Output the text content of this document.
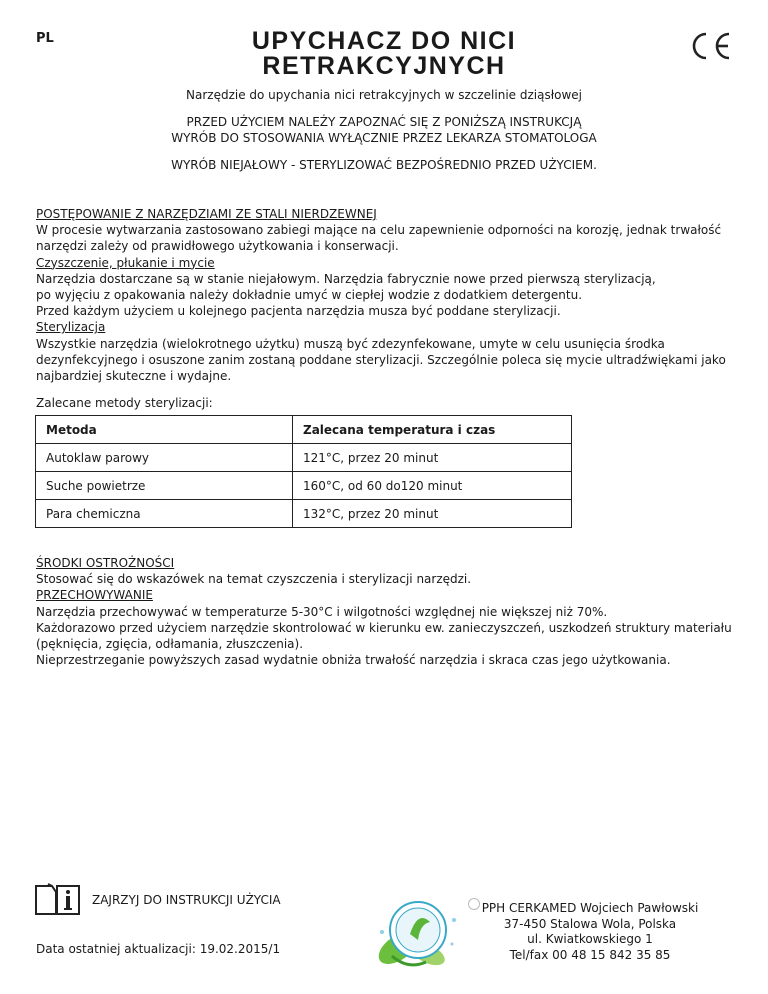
PL	UPYCHACZ DO NICI
RETRAKCYJNYCH
Narzędzie do upychania nici retrakcyjnych w szczelinie dziąsłowej
PRZED UŻYCIEM NALEŻY ZAPOZNAĆ SIĘ Z PONIŻSZĄ INSTRUKCJĄ
WYRÓB DO STOSOWANIA WYŁĄCZNIE PRZEZ LEKARZA STOMATOLOGA
WYRÓB NIEJAŁOWY - STERYLIZOWAĆ BEZPOŚREDNIO PRZED UŻYCIEM.
POSTĘPOWANIE Z NARZĘDZIAMI ZE STALI NIERDZEWNEJ
W procesie wytwarzania zastosowano zabiegi mające na celu zapewnienie odporności na korozję, jednak trwałość
narzędzi zależy od prawidłowego użytkowania i konserwacji.
Czyszczenie, płukanie i mycie
Narzędzia dostarczane są w stanie niejałowym. Narzędzia fabrycznie nowe przed pierwszą sterylizacją,
po wyjęciu z opakowania należy dokładnie umyć w ciepłej wodzie z dodatkiem detergentu.
Przed każdym użyciem u kolejnego pacjenta narzędzia musza być poddane sterylizacji.
Sterylizacja
Wszystkie narzędzia (wielokrotnego użytku) muszą być zdezynfekowane, umyte w celu usunięcia środka
dezynfekcyjnego i osuszone zanim zostaną poddane sterylizacji. Szczególnie poleca się mycie ultradźwiękami jako
najbardziej skuteczne i wydajne.
Zalecane metody sterylizacji:
Metoda	Zalecana temperatura i czas
Autoklaw parowy	121°C, przez 20 minut
Suche powietrze	160°C, od 60 do120 minut
Para chemiczna	132°C, przez 20 minut
ŚRODKI OSTROŻNOŚCI
Stosować się do wskazówek na temat czyszczenia i sterylizacji narzędzi.
PRZECHOWYWANIE
Narzędzia przechowywać w temperaturze 5-30°C i wilgotności względnej nie większej niż 70%.
Każdorazowo przed użyciem narzędzie skontrolować w kierunku ew. zanieczyszczeń, uszkodzeń struktury materiału
(pęknięcia, zgięcia, odłamania, złuszczenia).
Nieprzestrzeganie powyższych zasad wydatnie obniża trwałość narzędzia i skraca czas jego użytkowania.
ZAJRZYJ DO INSTRUKCJI UŻYCIA
Data ostatniej aktualizacji: 19.02.2015/1
PPH CERKAMED Wojciech Pawłowski
37-450 Stalowa Wola, Polska
ul. Kwiatkowskiego 1
Tel/fax 00 48 15 842 35 85
